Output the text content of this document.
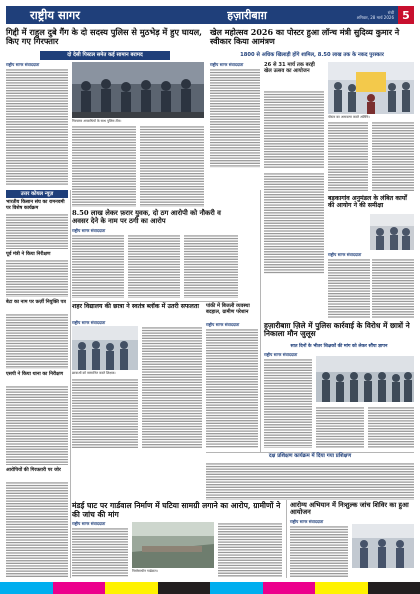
राष्ट्रीय सागर	हज़ारीबाग़	रांची
शनिवार, 28 मार्च 2026 5
गिद्दी में राहुल दुबे गैंग के दो सदस्य पुलिस से मुठभेड़ में हुए घायल, किए गए गिरफ्तार
दो देसी पिस्टल समेत कई सामान बरामद
राष्ट्रीय सागर संवाददाता
गिरफ्तार अपराधियों के साथ पुलिस टीम।
खेल महोत्सव 2026 का पोस्टर हुआ लॉन्च मंत्री सुदिव्य कुमार ने स्वीकार किया आमंत्रण
1800 से अधिक खिलाड़ी होंगे शामिल, 8.50 लाख तक के नकद पुरस्कार
राष्ट्रीय सागर संवाददाता	26 से 31 मार्च तक बरही खेल उत्सव का आयोजन
पोस्टर का अनावरण करते अतिथि।
उत्तर कोयल न्यूज़
भारतीय किसान संघ का रामनवमी पर विशेष कार्यक्रम
पूर्व मंत्री ने किया निरीक्षण
बेटा का नाम पर फ़र्ज़ी नियुक्ति पत्र
एसपी ने किया थाना का निरीक्षण
आरोपियों की गिरफ़्तारी पर जोर
8.50 लाख लेकर फ़रार युवक, दो ठग आरोपी को नौकरी व अवसर देने के नाम पर ठगी का आरोप
राष्ट्रीय सागर संवाददाता
शहर विद्यालय की छात्रा ने स्वतंत्र ब्लॉक में उतरी सफलता
राष्ट्रीय सागर संवाददाता
छात्राओं को सम्मानित करते शिक्षक।
पांकी में बिजली व्यवस्था बदहाल, ग्रामीण परेशान
राष्ट्रीय सागर संवाददाता
बड़कागांव अनुमंडल के लंबित कार्यों की आयोग ने की समीक्षा
राष्ट्रीय सागर संवाददाता
हज़ारीबाग़ ज़िले में पुलिस कार्रवाई के विरोध में छात्रों ने निकाला मौन जुलूस
सात दिनों के भीतर शिक्षकों की मांग को लेकर सौंपा ज्ञापन
राष्ट्रीय सागर संवाददाता
दक्ष प्रशिक्षण कार्यक्रम में दिया गया प्रशिक्षण
मंडई घाट पर गार्डवाल निर्माण में घटिया सामग्री लगाने का आरोप, ग्रामीणों ने की जांच की मांग
राष्ट्रीय सागर संवाददाता
निर्माणाधीन गार्डवाल।
आरोग्य अभियान में निःशुल्क जांच शिविर का हुआ आयोजन
राष्ट्रीय सागर संवाददाता
